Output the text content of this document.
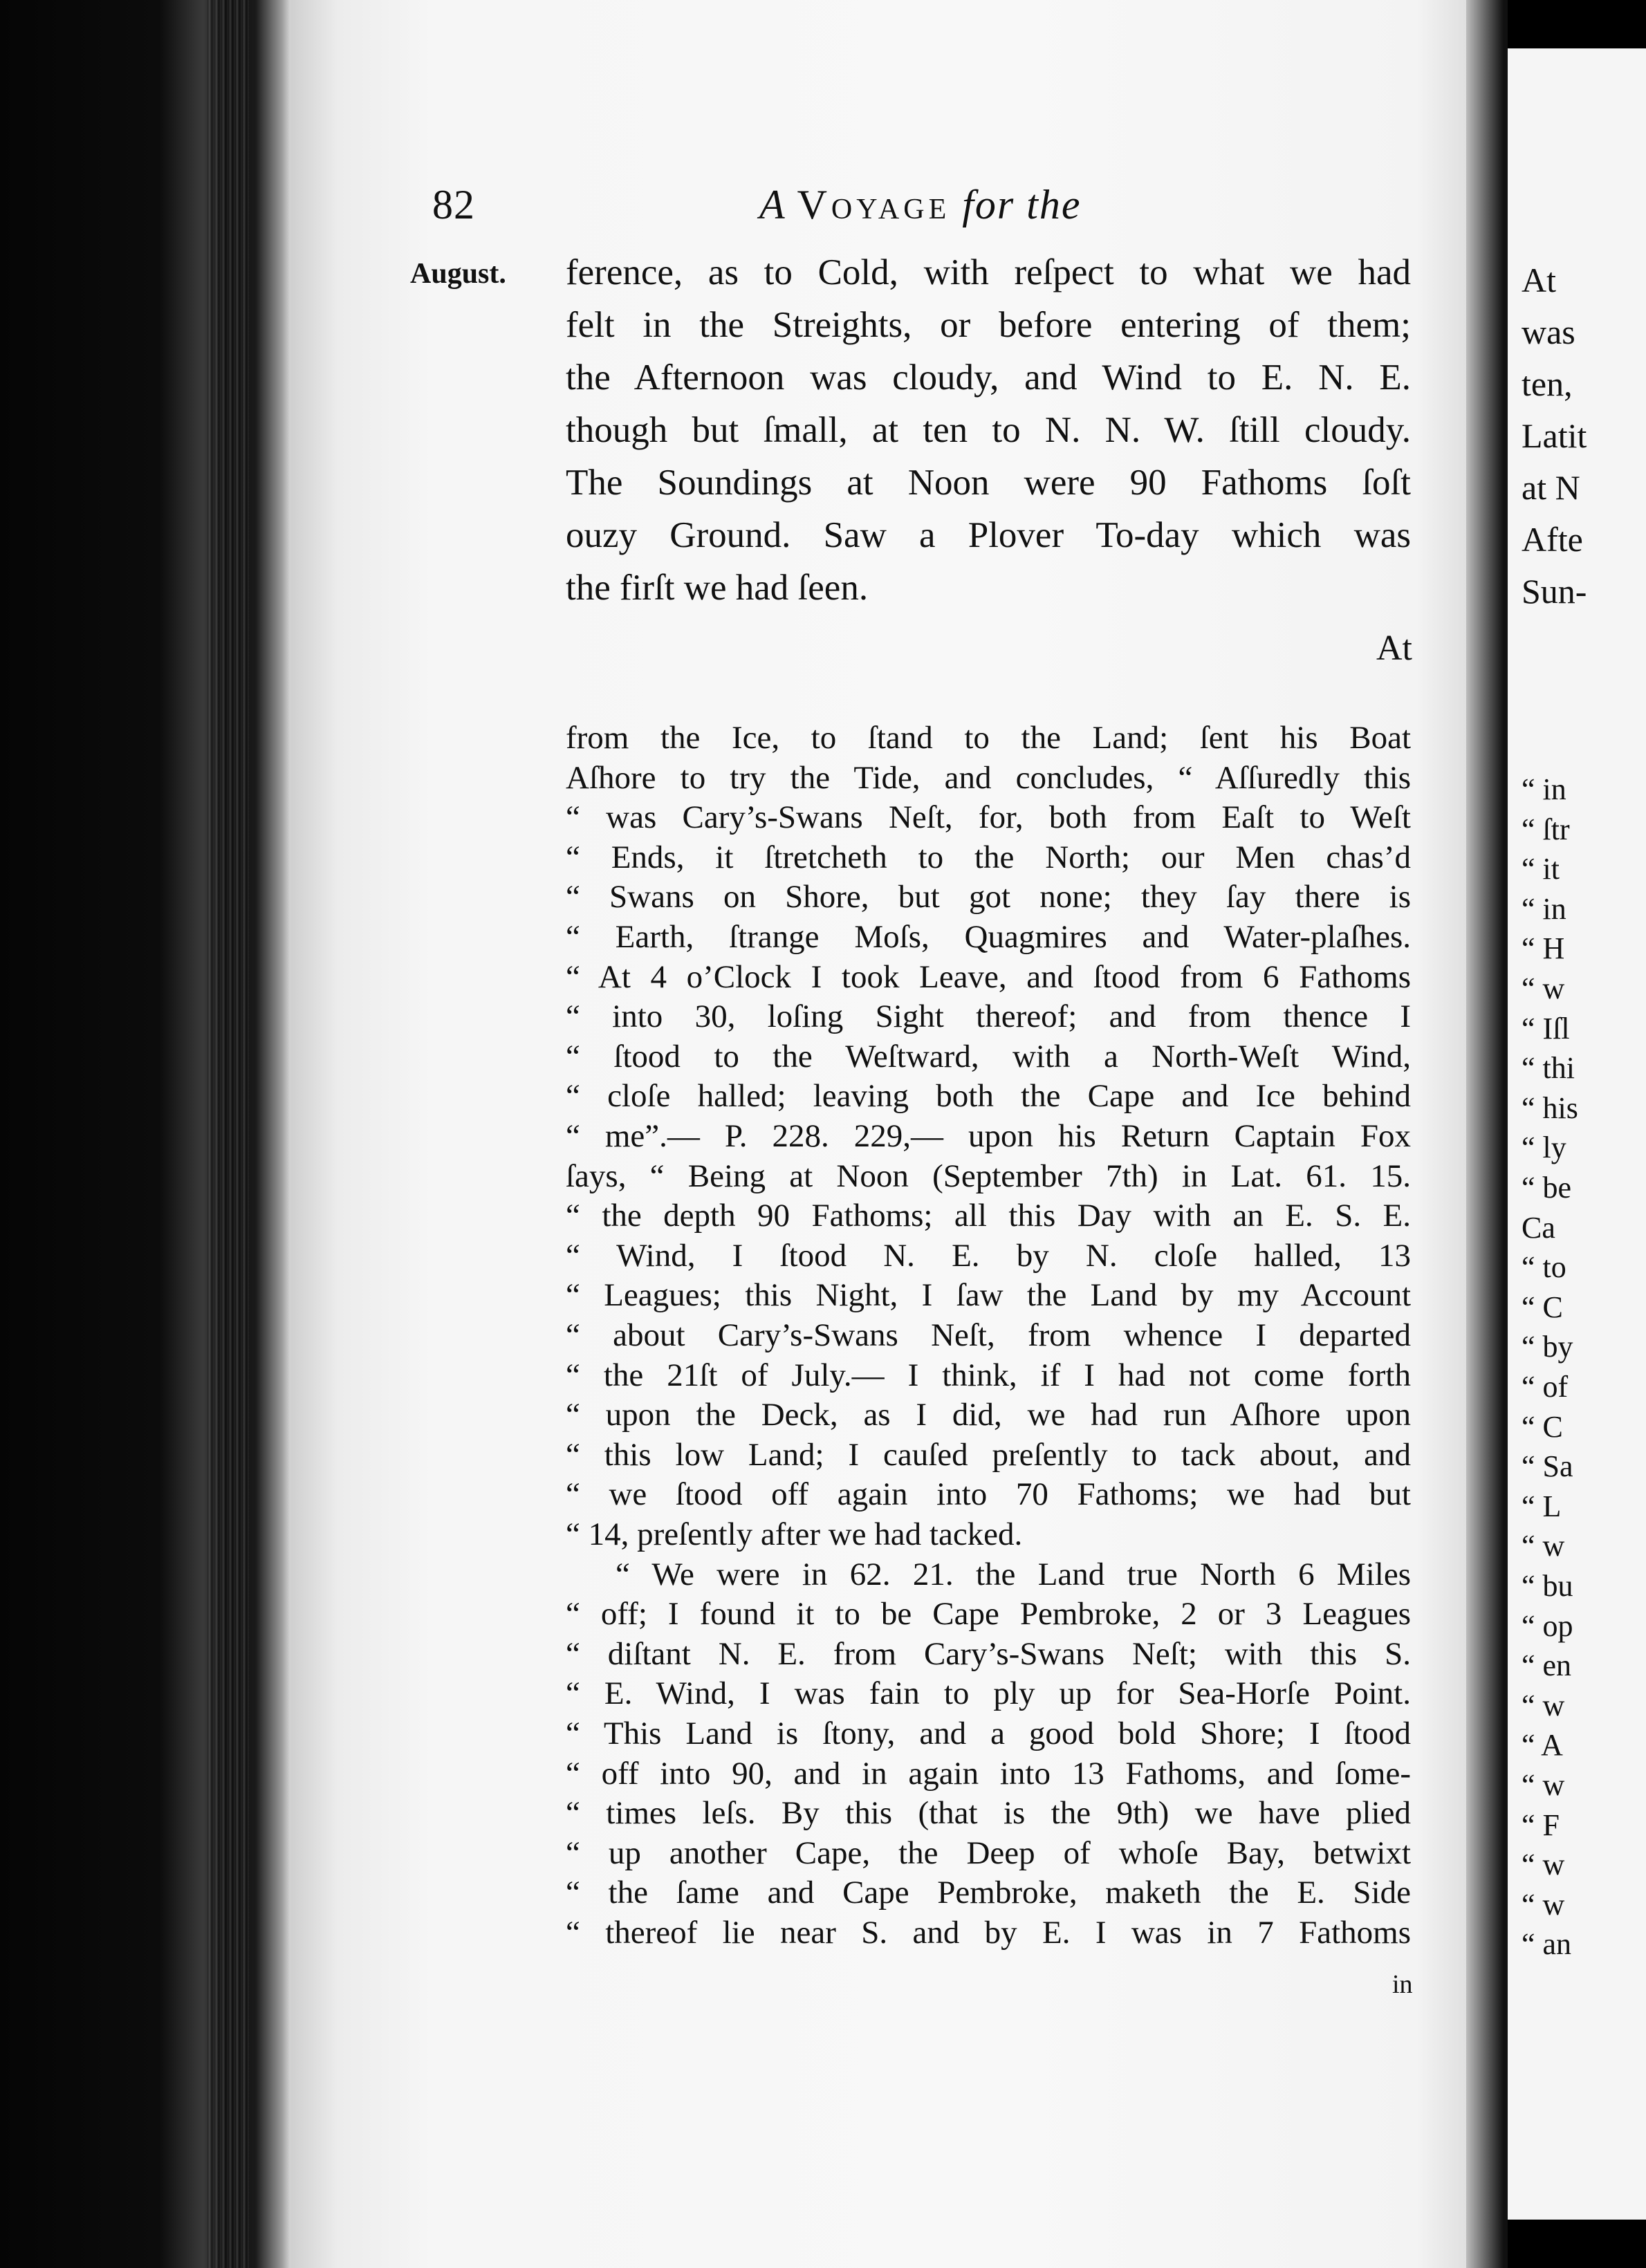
At
was
ten,
Latit
at N
Afte
Sun-
“ in
“ ſtr
“ it
“ in
“ H
“ w
“ Iſl
“ thi
“ his
“ ly
“ be
Ca
“ to
“ C
“ by
“ of
“ C
“ Sa
“ L
“ w
“ bu
“ op
“ en
“ w
“ A
“ w
“ F
“ w
“ w
“ an
82	A Voyage for the
August. ference, as to Cold, with reſpect to what we had
felt in the Streights, or before entering of them;
the Afternoon was cloudy, and Wind to E. N. E.
though but ſmall, at ten to N. N. W. ſtill cloudy.
The Soundings at Noon were 90 Fathoms ſoſt
ouzy Ground. Saw a Plover To-day which was
the firſt we had ſeen.
At
from the Ice, to ſtand to the Land; ſent his Boat
Aſhore to try the Tide, and concludes, “ Aſſuredly this
“ was Cary’s-Swans Neſt, for, both from Eaſt to Weſt
“ Ends, it ſtretcheth to the North; our Men chas’d
“ Swans on Shore, but got none; they ſay there is
“ Earth, ſtrange Moſs, Quagmires and Water-plaſhes.
“ At 4 o’Clock I took Leave, and ſtood from 6 Fathoms
“ into 30, loſing Sight thereof; and from thence I
“ ſtood to the Weſtward, with a North-Weſt Wind,
“ cloſe halled; leaving both the Cape and Ice behind
“ me”.— P. 228. 229,— upon his Return Captain Fox
ſays, “ Being at Noon (September 7th) in Lat. 61. 15.
“ the depth 90 Fathoms; all this Day with an E. S. E.
“ Wind, I ſtood N. E. by N. cloſe halled, 13
“ Leagues; this Night, I ſaw the Land by my Account
“ about Cary’s-Swans Neſt, from whence I departed
“ the 21ſt of July.— I think, if I had not come forth
“ upon the Deck, as I did, we had run Aſhore upon
“ this low Land; I cauſed preſently to tack about, and
“ we ſtood off again into 70 Fathoms; we had but
“ 14, preſently after we had tacked.
“ We were in 62. 21. the Land true North 6 Miles
“ off; I found it to be Cape Pembroke, 2 or 3 Leagues
“ diſtant N. E. from Cary’s-Swans Neſt; with this S.
“ E. Wind, I was fain to ply up for Sea-Horſe Point.
“ This Land is ſtony, and a good bold Shore; I ſtood
“ off into 90, and in again into 13 Fathoms, and ſome-
“ times leſs. By this (that is the 9th) we have plied
“ up another Cape, the Deep of whoſe Bay, betwixt
“ the ſame and Cape Pembroke, maketh the E. Side
“ thereof lie near S. and by E. I was in 7 Fathoms
in
